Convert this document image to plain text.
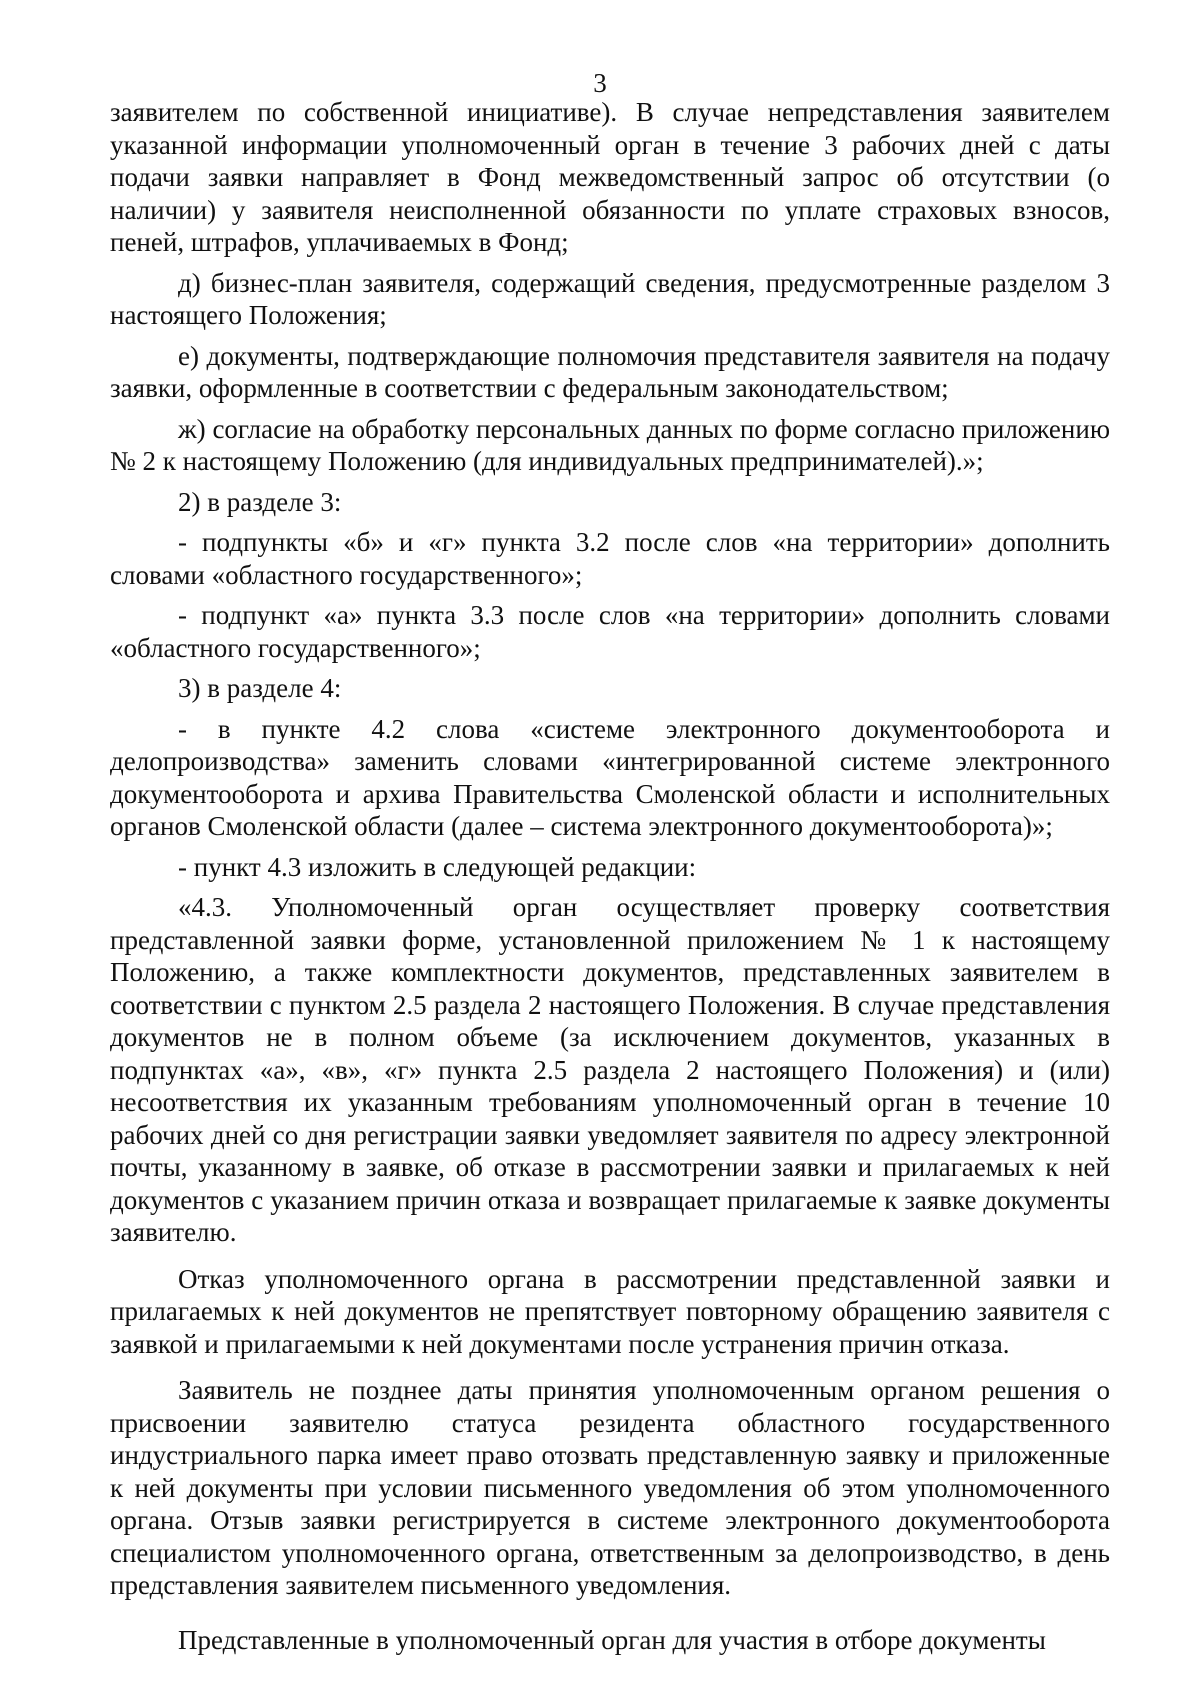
3

заявителем по собственной инициативе). В случае непредставления заявителем указанной информации уполномоченный орган в течение 3 рабочих дней с даты подачи заявки направляет в Фонд межведомственный запрос об отсутствии (о наличии) у заявителя неисполненной обязанности по уплате страховых взносов, пеней, штрафов, уплачиваемых в Фонд;

д) бизнес-план заявителя, содержащий сведения, предусмотренные разделом 3 настоящего Положения;

е) документы, подтверждающие полномочия представителя заявителя на подачу заявки, оформленные в соответствии с федеральным законодательством;

ж) согласие на обработку персональных данных по форме согласно приложению № 2 к настоящему Положению (для индивидуальных предпринимателей).»;

2) в разделе 3:

- подпункты «б» и «г» пункта 3.2 после слов «на территории» дополнить словами «областного государственного»;

- подпункт «а» пункта 3.3 после слов «на территории» дополнить словами «областного государственного»;

3) в разделе 4:

- в пункте 4.2 слова «системе электронного документооборота и делопроизводства» заменить словами «интегрированной системе электронного документооборота и архива Правительства Смоленской области и исполнительных органов Смоленской области (далее – система электронного документооборота)»;

- пункт 4.3 изложить в следующей редакции:

«4.3. Уполномоченный орган осуществляет проверку соответствия представленной заявки форме, установленной приложением № 1 к настоящему Положению, а также комплектности документов, представленных заявителем в соответствии с пунктом 2.5 раздела 2 настоящего Положения. В случае представления документов не в полном объеме (за исключением документов, указанных в подпунктах «а», «в», «г» пункта 2.5 раздела 2 настоящего Положения) и (или) несоответствия их указанным требованиям уполномоченный орган в течение 10 рабочих дней со дня регистрации заявки уведомляет заявителя по адресу электронной почты, указанному в заявке, об отказе в рассмотрении заявки и прилагаемых к ней документов с указанием причин отказа и возвращает прилагаемые к заявке документы заявителю.

Отказ уполномоченного органа в рассмотрении представленной заявки и прилагаемых к ней документов не препятствует повторному обращению заявителя с заявкой и прилагаемыми к ней документами после устранения причин отказа.

Заявитель не позднее даты принятия уполномоченным органом решения о присвоении заявителю статуса резидента областного государственного индустриального парка имеет право отозвать представленную заявку и приложенные к ней документы при условии письменного уведомления об этом уполномоченного органа. Отзыв заявки регистрируется в системе электронного документооборота специалистом уполномоченного органа, ответственным за делопроизводство, в день представления заявителем письменного уведомления.

Представленные в уполномоченный орган для участия в отборе документы
